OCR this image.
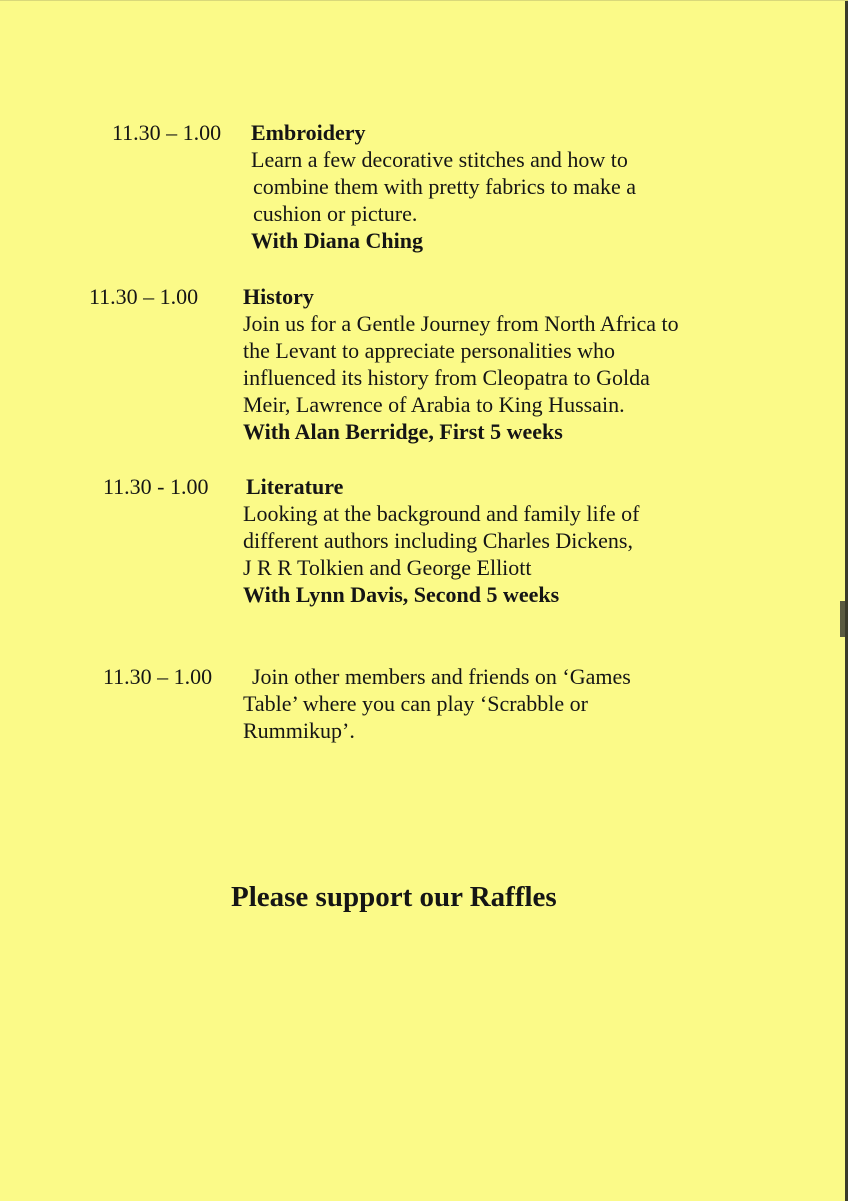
11.30 – 1.00 Embroidery
Learn a few decorative stitches and how to
combine them with pretty fabrics to make a
cushion or picture.
With Diana Ching
11.30 – 1.00 History
Join us for a Gentle Journey from North Africa to
the Levant to appreciate personalities who
influenced its history from Cleopatra to Golda
Meir, Lawrence of Arabia to King Hussain.
With Alan Berridge, First 5 weeks
11.30 - 1.00 Literature
Looking at the background and family life of
different authors including Charles Dickens,
J R R Tolkien and George Elliott
With Lynn Davis, Second 5 weeks
11.30 – 1.00	Join other members and friends on ‘Games
Table’ where you can play ‘Scrabble or
Rummikup’.
Please support our Raffles
